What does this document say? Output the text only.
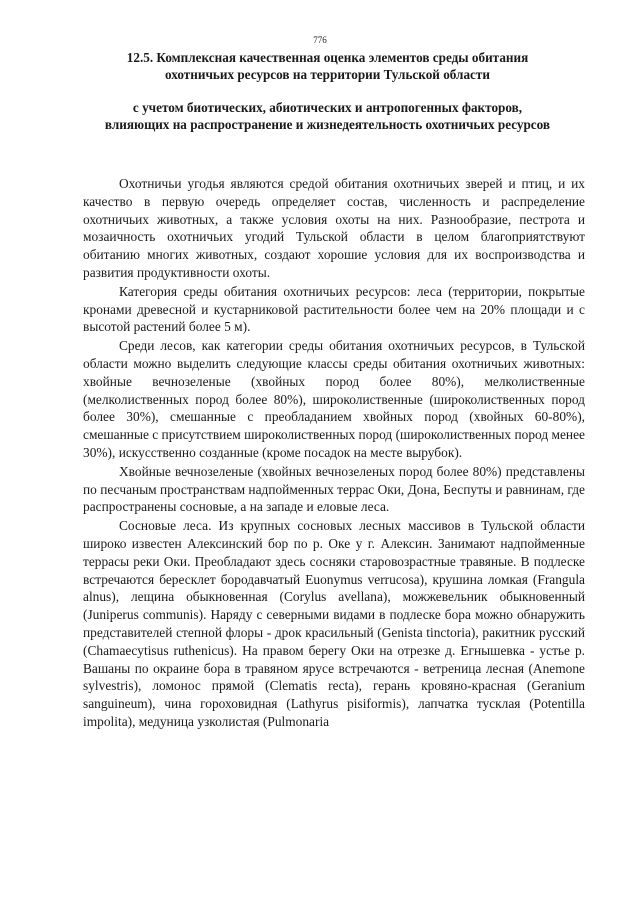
776
12.5. Комплексная качественная оценка элементов среды обитания охотничьих ресурсов на территории Тульской области
с учетом биотических, абиотических и антропогенных факторов, влияющих на распространение и жизнедеятельность охотничьих ресурсов

Охотничьи угодья являются средой обитания охотничьих зверей и птиц, и их качество в первую очередь определяет состав, численность и распределение охотничьих животных, а также условия охоты на них. Разнообразие, пестрота и мозаичность охотничьих угодий Тульской области в целом благоприятствуют обитанию многих животных, создают хорошие условия для их воспроизводства и развития продуктивности охоты.

Категория среды обитания охотничьих ресурсов: леса (территории, покрытые кронами древесной и кустарниковой растительности более чем на 20% площади и с высотой растений более 5 м).

Среди лесов, как категории среды обитания охотничьих ресурсов, в Тульской области можно выделить следующие классы среды обитания охотничьих животных: хвойные вечнозеленые (хвойных пород более 80%), мелколиственные (мелколиственных пород более 80%), широколиственные (широколиственных пород более 30%), смешанные с преобладанием хвойных пород (хвойных 60-80%), смешанные с присутствием широколиственных пород (широколиственных пород менее 30%), искусственно созданные (кроме посадок на месте вырубок).

Хвойные вечнозеленые (хвойных вечнозеленых пород более 80%) представлены по песчаным пространствам надпойменных террас Оки, Дона, Беспуты и равнинам, где распространены сосновые, а на западе и еловые леса.

Сосновые леса. Из крупных сосновых лесных массивов в Тульской области широко известен Алексинский бор по р. Оке у г. Алексин. Занимают надпойменные террасы реки Оки. Преобладают здесь сосняки старовозрастные травяные. В подлеске встречаются бересклет бородавчатый Euonymus verrucosa), крушина ломкая (Frangula alnus), лещина обыкновенная (Corylus avellana), можжевельник обыкновенный (Juniperus communis). Наряду с северными видами в подлеске бора можно обнаружить представителей степной флоры - дрок красильный (Genista tinctoria), ракитник русский (Chamaecytisus ruthenicus). На правом берегу Оки на отрезке д. Егнышевка - устье р. Вашаны по окраине бора в травяном ярусе встречаются - ветреница лесная (Anemone sylvestris), ломонос прямой (Clematis recta), герань кровяно-красная (Geranium sanguineum), чина гороховидная (Lathyrus pisiformis), лапчатка тусклая (Potentilla impolita), медуница узколистая (Pulmonaria
